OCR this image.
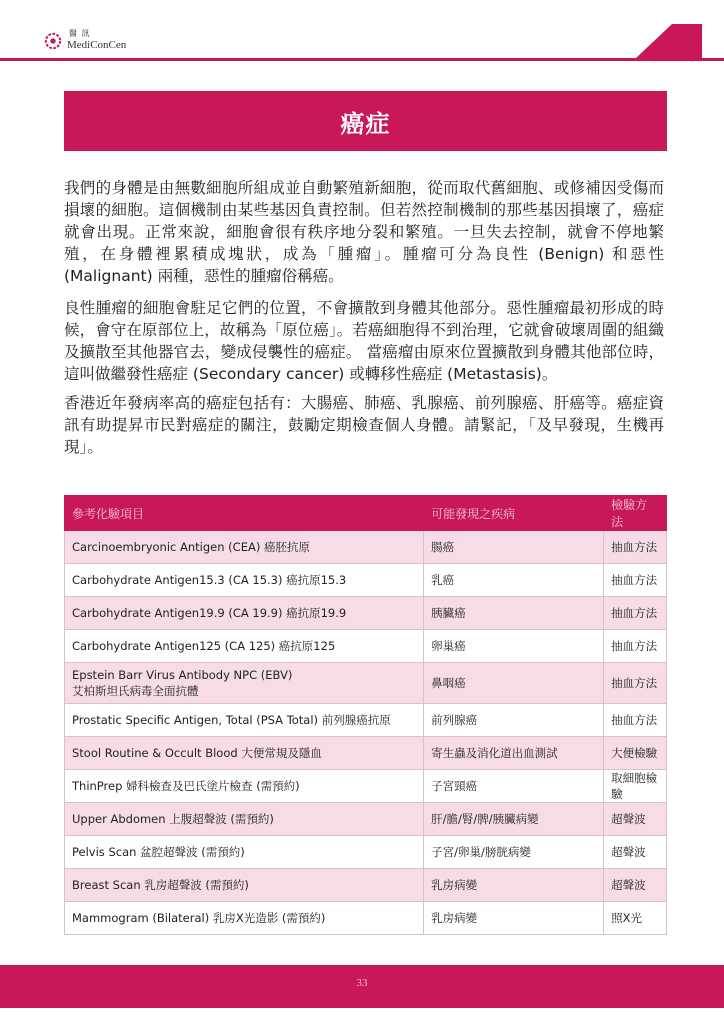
醫 訊
MediConCen
癌症

我們的身體是由無數細胞所組成並自動繁殖新細胞，從而取代舊細胞、或修補因受傷而損壞的細胞。這個機制由某些基因負責控制。但若然控制機制的那些基因損壞了，癌症就會出現。正常來說，細胞會很有秩序地分裂和繁殖。一旦失去控制，就會不停地繁殖，在身體裡累積成塊狀，成為「腫瘤」。腫瘤可分為良性 (Benign) 和惡性 (Malignant) 兩種，惡性的腫瘤俗稱癌。

良性腫瘤的細胞會駐足它們的位置，不會擴散到身體其他部分。惡性腫瘤最初形成的時候，會守在原部位上，故稱為「原位癌」。若癌細胞得不到治理，它就會破壞周圍的組織及擴散至其他器官去，變成侵襲性的癌症。 當癌瘤由原來位置擴散到身體其他部位時，這叫做繼發性癌症 (Secondary cancer) 或轉移性癌症 (Metastasis)。

香港近年發病率高的癌症包括有：大腸癌、肺癌、乳腺癌、前列腺癌、肝癌等。癌症資訊有助提昇市民對癌症的關注，鼓勵定期檢查個人身體。請緊記，「及早發現，生機再現」。

參考化驗項目	可能發現之疾病	檢驗方法
Carcinoembryonic Antigen (CEA) 癌胚抗原	腸癌	抽血方法
Carbohydrate Antigen15.3 (CA 15.3) 癌抗原15.3	乳癌	抽血方法
Carbohydrate Antigen19.9 (CA 19.9) 癌抗原19.9	胰臟癌	抽血方法
Carbohydrate Antigen125 (CA 125) 癌抗原125	卵巢癌	抽血方法
Epstein Barr Virus Antibody NPC (EBV)
艾柏斯坦氏病毒全面抗體	鼻咽癌	抽血方法
Prostatic Specific Antigen, Total (PSA Total) 前列腺癌抗原	前列腺癌	抽血方法
Stool Routine & Occult Blood 大便常規及隱血	寄生蟲及消化道出血測試	大便檢驗
ThinPrep 婦科檢查及巴氏塗片檢查 (需預約)	子宮頸癌	取細胞檢驗
Upper Abdomen 上腹超聲波 (需預約)	肝/膽/腎/脾/胰臟病變	超聲波
Pelvis Scan 盆腔超聲波 (需預約)	子宮/卵巢/膀胱病變	超聲波
Breast Scan 乳房超聲波 (需預約)	乳房病變	超聲波
Mammogram (Bilateral) 乳房X光造影 (需預約)	乳房病變	照X光
33
